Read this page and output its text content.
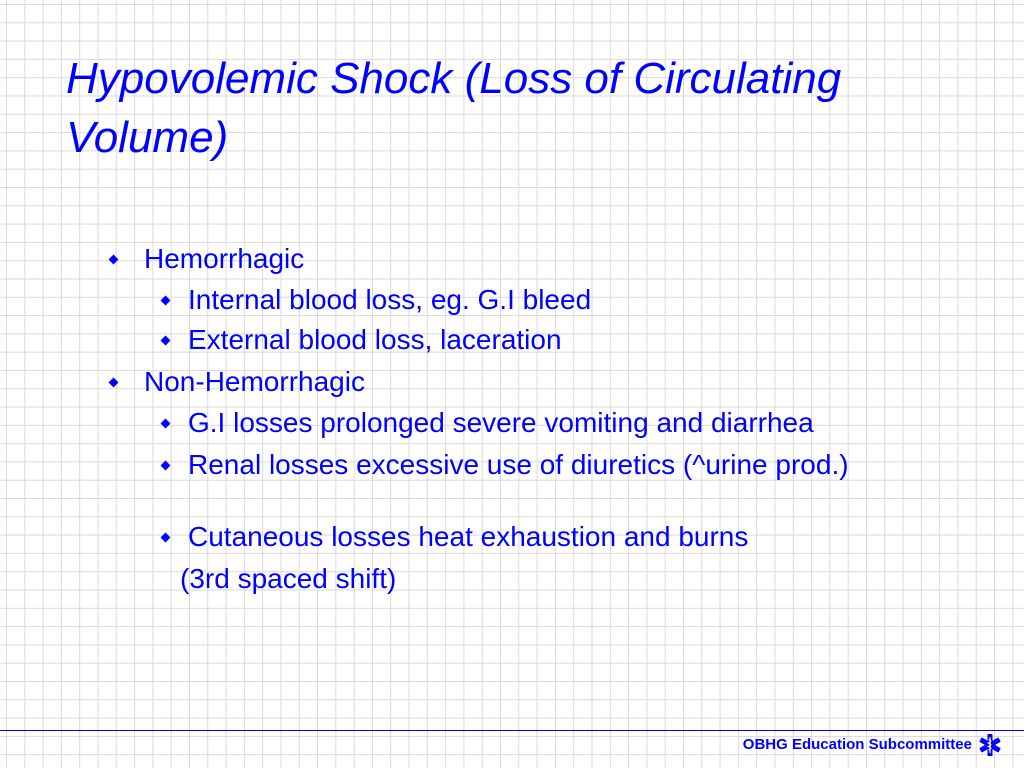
Hypovolemic Shock (Loss of Circulating Volume)
Hemorrhagic
Internal blood loss, eg. G.I bleed
External blood loss, laceration
Non-Hemorrhagic
G.I losses prolonged severe vomiting and diarrhea
Renal losses excessive use of diuretics (^urine prod.)
Cutaneous losses heat exhaustion and burns
(3rd spaced shift)
OBHG Education Subcommittee
